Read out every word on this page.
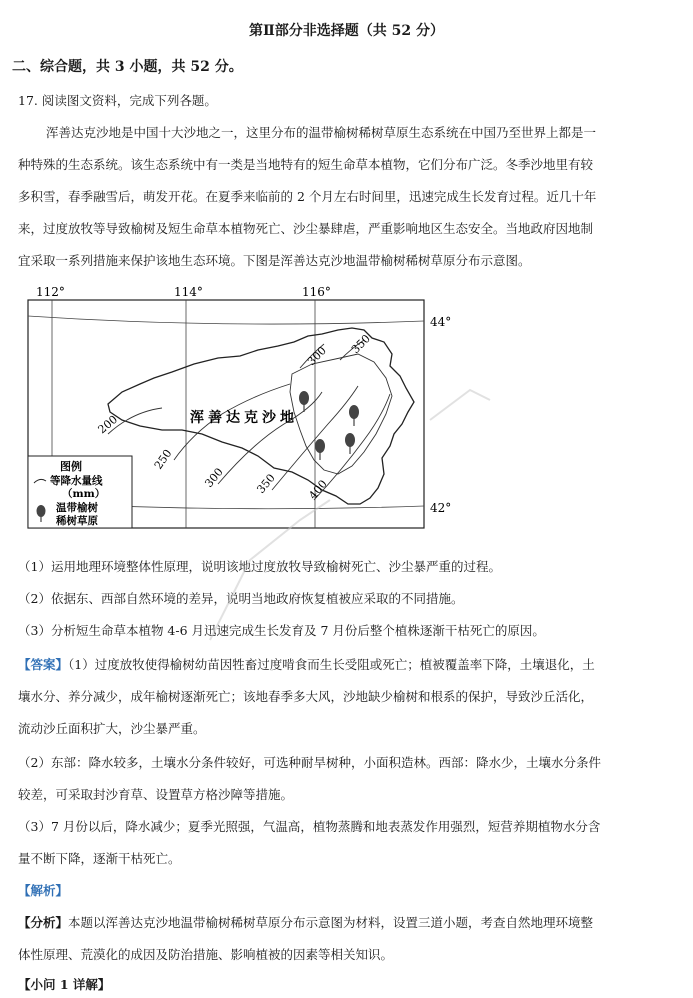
第Ⅱ部分非选择题（共 52 分）
二、综合题，共 3 小题，共 52 分。
17. 阅读图文资料，完成下列各题。
浑善达克沙地是中国十大沙地之一，这里分布的温带榆树稀树草原生态系统在中国乃至世界上都是一
种特殊的生态系统。该生态系统中有一类是当地特有的短生命草本植物，它们分布广泛。冬季沙地里有较
多积雪，春季融雪后，萌发开花。在夏季来临前的 2 个月左右时间里，迅速完成生长发育过程。近几十年
来，过度放牧等导致榆树及短生命草本植物死亡、沙尘暴肆虐，严重影响地区生态安全。当地政府因地制
宜采取一系列措施来保护该地生态环境。下图是浑善达克沙地温带榆树稀树草原分布示意图。
112°	114°	116°
44°
42°
200
250
300	350	400
300 350
浑善达克沙地
图例
等降水量线
（mm）
温带榆树
稀树草原
（1）运用地理环境整体性原理，说明该地过度放牧导致榆树死亡、沙尘暴严重的过程。
（2）依据东、西部自然环境的差异，说明当地政府恢复植被应采取的不同措施。
（3）分析短生命草本植物 4-6 月迅速完成生长发育及 7 月份后整个植株逐渐干枯死亡的原因。
【答案】（1）过度放牧使得榆树幼苗因牲畜过度啃食而生长受阻或死亡；植被覆盖率下降，土壤退化，土
壤水分、养分减少，成年榆树逐渐死亡；该地春季多大风，沙地缺少榆树和根系的保护，导致沙丘活化，
流动沙丘面积扩大，沙尘暴严重。
（2）东部：降水较多，土壤水分条件较好，可选种耐旱树种，小面积造林。西部：降水少，土壤水分条件
较差，可采取封沙育草、设置草方格沙障等措施。
（3）7 月份以后，降水减少；夏季光照强，气温高，植物蒸腾和地表蒸发作用强烈，短营养期植物水分含
量不断下降，逐渐干枯死亡。
【解析】
【分析】本题以浑善达克沙地温带榆树稀树草原分布示意图为材料，设置三道小题，考查自然地理环境整
体性原理、荒漠化的成因及防治措施、影响植被的因素等相关知识。
【小问 1 详解】
